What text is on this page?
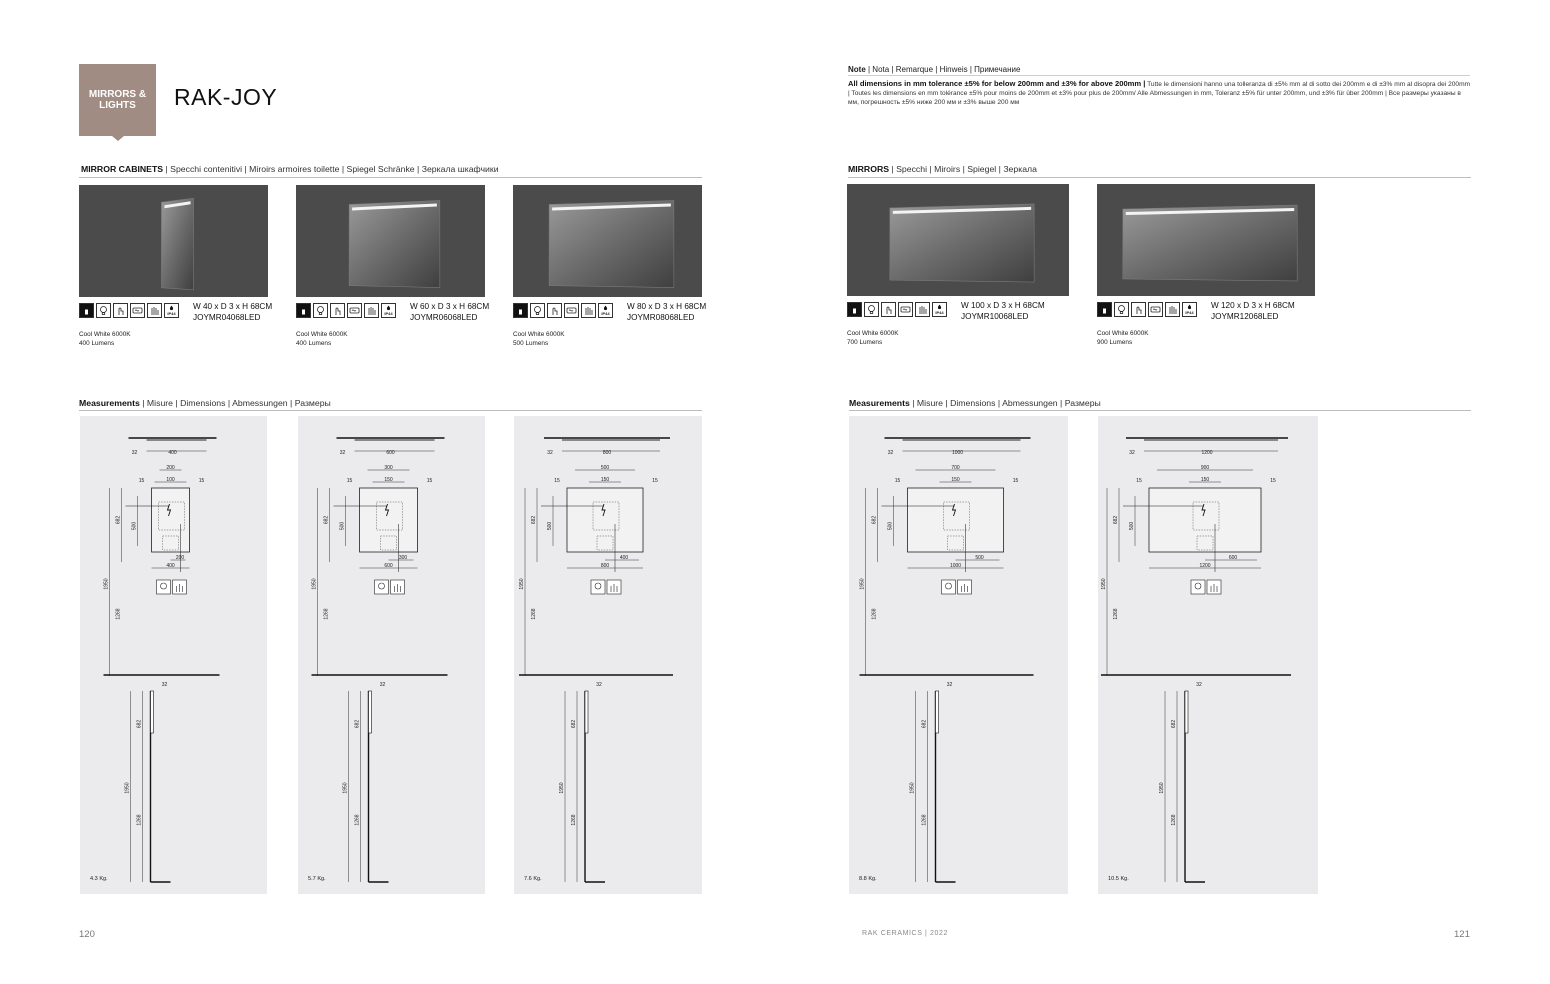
MIRRORS &
LIGHTS	RAK-JOY
Note | Nota | Remarque | Hinweis | Примечание
All dimensions in mm tolerance ±5% for below 200mm and ±3% for above 200mm | Tutte le dimensioni hanno una tolleranza di ±5% mm al di sotto dei 200mm e di ±3% mm al disopra dei 200mm | Toutes les dimensions en mm tolérance ±5% pour moins de 200mm et ±3% pour plus de 200mm/ Alle Abmessungen in mm, Toleranz ±5% für unter 200mm, und ±3% für über 200mm | Все размеры указаны в мм, погрешность ±5% ниже 200 мм и ±3% выше 200 мм
MIRROR CABINETS | Specchi contenitivi | Miroirs armoires toilette | Spiegel Schränke | Зеркала шкафчики	MIRRORS | Specchi | Miroirs | Spiegel | Зеркала
Measurements | Misure | Dimensions | Abmessungen | Размеры	Measurements | Misure | Dimensions | Abmessungen | Размеры
IP44
W 40 x D 3 x H 68CM
JOYMR04068LED
Cool White 6000K
400 Lumens
IP44
W 60 x D 3 x H 68CM
JOYMR06068LED
Cool White 6000K
400 Lumens
IP44
W 80 x D 3 x H 68CM
JOYMR08068LED
Cool White 6000K
500 Lumens
IP44
W 100 x D 3 x H 68CM
JOYMR10068LED
Cool White 6000K
700 Lumens
IP44
W 120 x D 3 x H 68CM
JOYMR12068LED
Cool White 6000K
900 Lumens
400
32
200
100
15	15
682
500
1950
1268
200
400
32
682
1950
1268
4.3 Kg.
600
32
300
150
15	15
682
500
1950
1268
300
600
32
682
1950
1268
5.7 Kg.
800
32
500
150
15	15
682
500
1950
1268
400
800
32
682
1950
1268
7.6 Kg.
1000
32
700
150
15	15
682
500
1950
1268
500
1000
32
682
1950
1268
8.8 Kg.
1200
32
900
150
15	15
682
500
1950
1268
600
1200
32
682
1950
1268
10.5 Kg.
120	RAK CERAMICS | 2022	121
